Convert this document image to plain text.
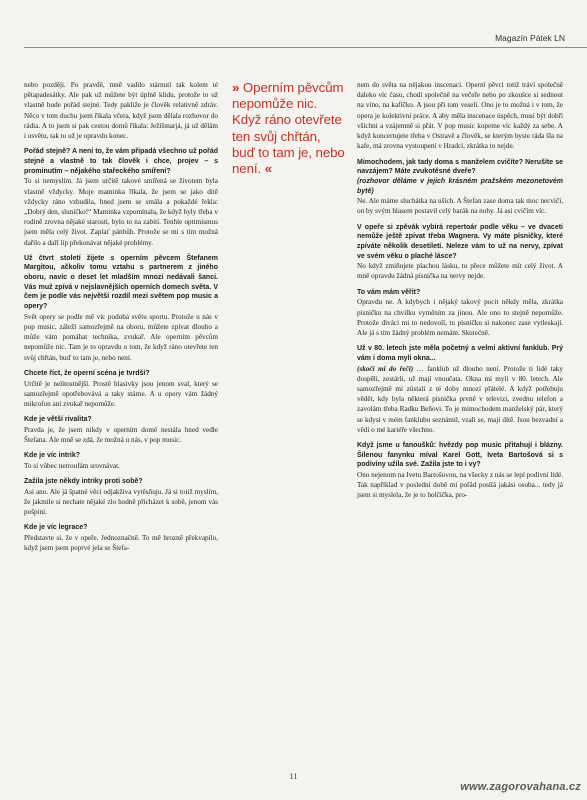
Magazín Pátek LN

nebo později. Po pravdě, mně vadilo stárnutí tak kolem té pětapadesátky. Ale pak už můžete být úplně klidu, protože to už vlastně bude pořád stejné. Tedy pakliže je člověk relativně zdráv. Něco v tom duchu jsem říkala včera, když jsem dělala rozhovor do rádia. A to jsem si pak cestou domů říkala: Ježíšmarjá, já už dělám i osvětu, tak to už je opravdu konec.

Pořád stejně? A není to, že vám připadá všechno už pořád stejné a vlastně to tak člověk i chce, projev – s prominutím – nějakého stařeckého smíření?
To si nemyslím. Já jsem určitě takové smířená se životem byla vlastně vždycky. Moje maminka říkala, že jsem se jako dítě vždycky ráno vzbudila, hned jsem se smála a pokaždé řekla: „Dobrý den, sluníčko!“ Maminka vzpomínala, že když byly třeba v rodině zrovna nějaké starosti, bylo to na zabití. Tenhle optimismus jsem měla celý život. Zaplať pánbůh. Protože se mi s tím možná dařilo a daří líp překonávat nějaké problémy.

Už čtvrt století žijete s operním pěvcem Štefanem Margitou, ačkoliv tomu vztahu s partnerem z jiného oboru, navíc o deset let mladším mnozí nedávali šanci. Vás muž zpívá v nejslavnějších operních domech světa. V čem je podle vás největší rozdíl mezi světem pop music a opery?
Svět opery se podle mě víc podobá světu sportu. Protože u nás v pop music, záleží samozřejmě na oboru, můžete zpívat dlouho a může vám pomáhat technika, zvukař. Ale operním pěvcům nepomůže nic. Tam je to opravdu o tom, že když ráno otevřete ten svůj chřtán, buď to tam je, nebo není.

Chcete říct, že operní scéna je tvrdší?
Určitě je nelítostnější. Prostě hlasivky jsou jenom sval, který se samozřejmě opotřebovává a taky stárne. A u opery vám žádný mikrofon ani zvukař nepomůže.

Kde je větší rivalita?
Pravda je, že jsem nikdy v operním domě nestála hned vedle Štefana. Ale mně se zdá, že možná u nás, v pop music.

Kde je víc intrik?
To si vůbec netroufám srovnávat.

Zažila jste někdy intriky proti sobě?
Asi ano. Ale já špatné věci odjakživa vytěsňuju. Já si totiž myslím, že jakmile si nechate nějaké zlo hodně přicházet k sobě, jenom vás pošpiní.

Kde je víc legrace?
Představte si, že v opeře. Jednoznačně. To mě hrozně překvapilo, když jsem jsem poprvé jela se Štefa-

» Operním pěvcům nepomůže nic. Když ráno otevřete ten svůj chřtán, buď to tam je, nebo není. «

nem do světa na nějakou inscenaci. Operní pěvci totiž tráví společně daleko víc času, chodí společně na večeře nebo po zkoušce si sednout na víno, na kafíčko. A jsou při tom veselí. Ono je to možná i v tom, že opera je kolektivní práce. A aby měla inscenace úspěch, musí být dobří všichni a vzájemně si přát. V pop music kopeme víc každý za sebe. A když koncertujete třeba v Ostravě a člověk, se kterým byste ráda šla na kafe, má zrovna vystoupení v Hradci, zkrátka to nejde.

Mimochodem, jak tady doma s manželem cvičíte? Nerušíte se navzájem? Máte zvukotěsné dveře?
(rozhovor děláme v jejich krásném pražském mezonetovém bytě)
Ne. Ale máme sluchátka na uších. A Štefan zase doma tak moc necvičí, on by svým hlasem postavil celý barák na nohy. Já asi cvičím víc.

V opeře si zpěvák vybírá repertoár podle věku – ve dvaceti nemůže ještě zpívat třeba Wagnera. Vy máte písničky, které zpíváte několik desetiletí. Neleze vám to už na nervy, zpívat ve svém věku o plaché lásce?
No když zmiňujete plachou lásku, tu přece můžete mít celý život. A mně opravdu žádná písnička na nervy nejde.

To vám mám věřit?
Opravdu ne. A kdybych i nějaký takový pocit někdy měla, zkrátka písničku na chvilku vyměním za jinou. Ale ono to stejně nepomůže. Protože diváci mi to nedovolí, tu písničku si nakonec zase vytleskají. Ale já s tím žádný problém nemám. Skutečně.

Už v 80. letech jste měla početný a velmi aktivní fanklub. Prý vám i doma myli okna...
(skočí mi do řeči) … fanklub už dlouho není. Protože ti lidé taky dospěli, zestárli, už mají vnoučata. Okna mi myli v 80. letech. Ale samozřejmě mi zůstali z té doby mnozí přátelé. A když potřebuju vědět, kdy byla některá písnička prvně v televizi, zvednu telefon a zavolám třeba Radku Beňovi. To je mimochodem manželský pár, který se kdysi v mém fanklubu seznámil, vzali se, mají dítě. Jsou bezvadní a vědí o mé kariéře všechno.

Když jsme u fanoušků: hvězdy pop music přitahují i blázny. Šílenou fanynku míval Karel Gott, Iveta Bartošová si s podivíny užila své. Zažila jste to i vy?
Ono nejenom na Ivetu Bartošovou, na všecky z nás se lepí podivní lidé. Tak například v poslední době mi pořád posílá jakási osoba... tedy já jsem si myslela, že je to holčička, pro-

11
www.zagorovahana.cz
